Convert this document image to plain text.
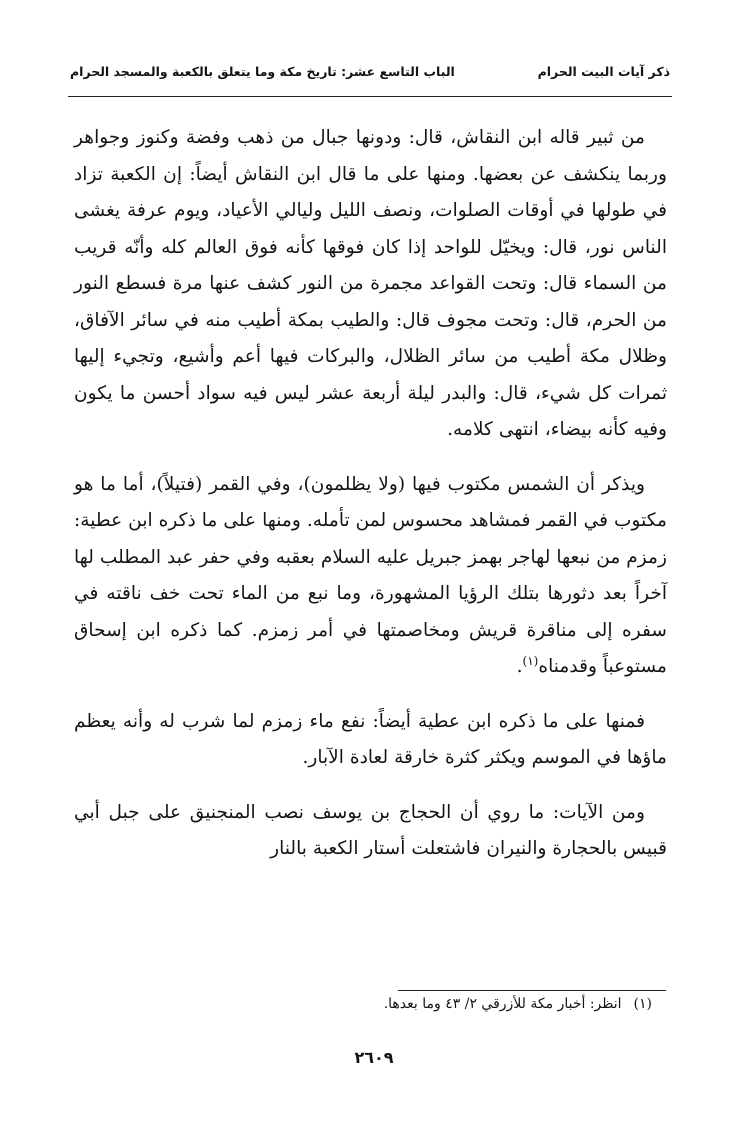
ذكر آيات البيت الحرام
الباب التاسع عشر: تاريخ مكة وما يتعلق بالكعبة والمسجد الحرام

من ثبير قاله ابن النقاش، قال: ودونها جبال من ذهب وفضة وكنوز وجواهر وربما ينكشف عن بعضها. ومنها على ما قال ابن النقاش أيضاً: إن الكعبة تزاد في طولها في أوقات الصلوات، ونصف الليل وليالي الأعياد، ويوم عرفة يغشى الناس نور، قال: ويخيّل للواحد إذا كان فوقها كأنه فوق العالم كله وأنّه قريب من السماء قال: وتحت القواعد مجمرة من النور كشف عنها مرة فسطع النور من الحرم، قال: وتحت مجوف قال: والطيب بمكة أطيب منه في سائر الآفاق، وظلال مكة أطيب من سائر الظلال، والبركات فيها أعم وأشيع، وتجيء إليها ثمرات كل شيء، قال: والبدر ليلة أربعة عشر ليس فيه سواد أحسن ما يكون وفيه كأنه بيضاء، انتهى كلامه.

ويذكر أن الشمس مكتوب فيها (ولا يظلمون)، وفي القمر (فتيلاً)، أما ما هو مكتوب في القمر فمشاهد محسوس لمن تأمله. ومنها على ما ذكره ابن عطية: زمزم من نبعها لهاجر بهمز جبريل عليه السلام بعقبه وفي حفر عبد المطلب لها آخراً بعد دثورها بتلك الرؤيا المشهورة، وما نبع من الماء تحت خف ناقته في سفره إلى مناقرة قريش ومخاصمتها في أمر زمزم. كما ذكره ابن إسحاق مستوعباً وقدمناه$^{(١)}$.

فمنها على ما ذكره ابن عطية أيضاً: نفع ماء زمزم لما شرب له وأنه يعظم ماؤها في الموسم ويكثر كثرة خارقة لعادة الآبار.

ومن الآيات: ما روي أن الحجاج بن يوسف نصب المنجنيق على جبل أبي قبيس بالحجارة والنيران فاشتعلت أستار الكعبة بالنار

(١)انظر: أخبار مكة للأزرقي ٢/ ٤٣ وما بعدها.
٢٦٠٩
